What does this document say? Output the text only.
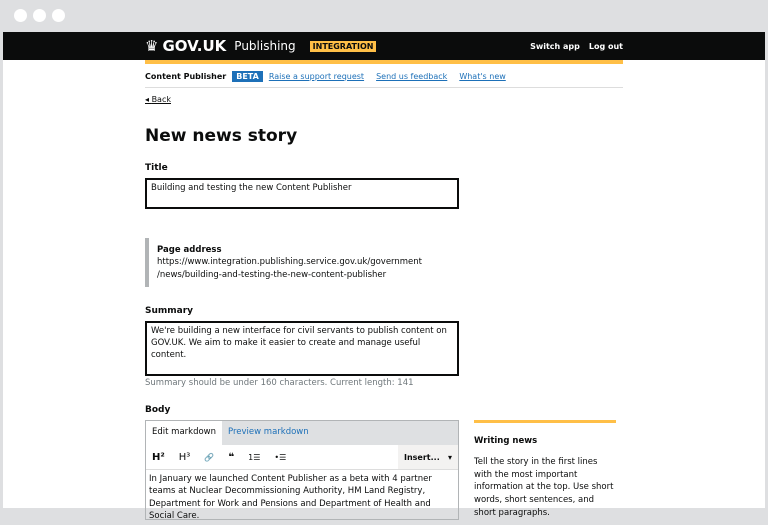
♛ GOV.UK Publishing	INTEGRATION	Switch app Log out
Content Publisher	BETA	Raise a support request Send us feedback What's new
◂ Back
New news story
Title
Building and testing the new Content Publisher
Page address
https://www.integration.publishing.service.gov.uk/government
/news/building-and-testing-the-new-content-publisher
Summary
We're building a new interface for civil servants to publish content on GOV.UK. We aim to make it easier to create and manage useful content.
Summary should be under 160 characters. Current length: 141
Body
Edit markdown	Preview markdown
H² H³ 🔗 ❝ 1☰ •☰	Insert... ▾
In January we launched Content Publisher as a beta with 4 partner teams at Nuclear Decommissioning Authority, HM Land Registry, Department for Work and Pensions and Department of Health and Social Care.
Writing news
Tell the story in the first lines with the most important information at the top. Use short words, short sentences, and short paragraphs.
